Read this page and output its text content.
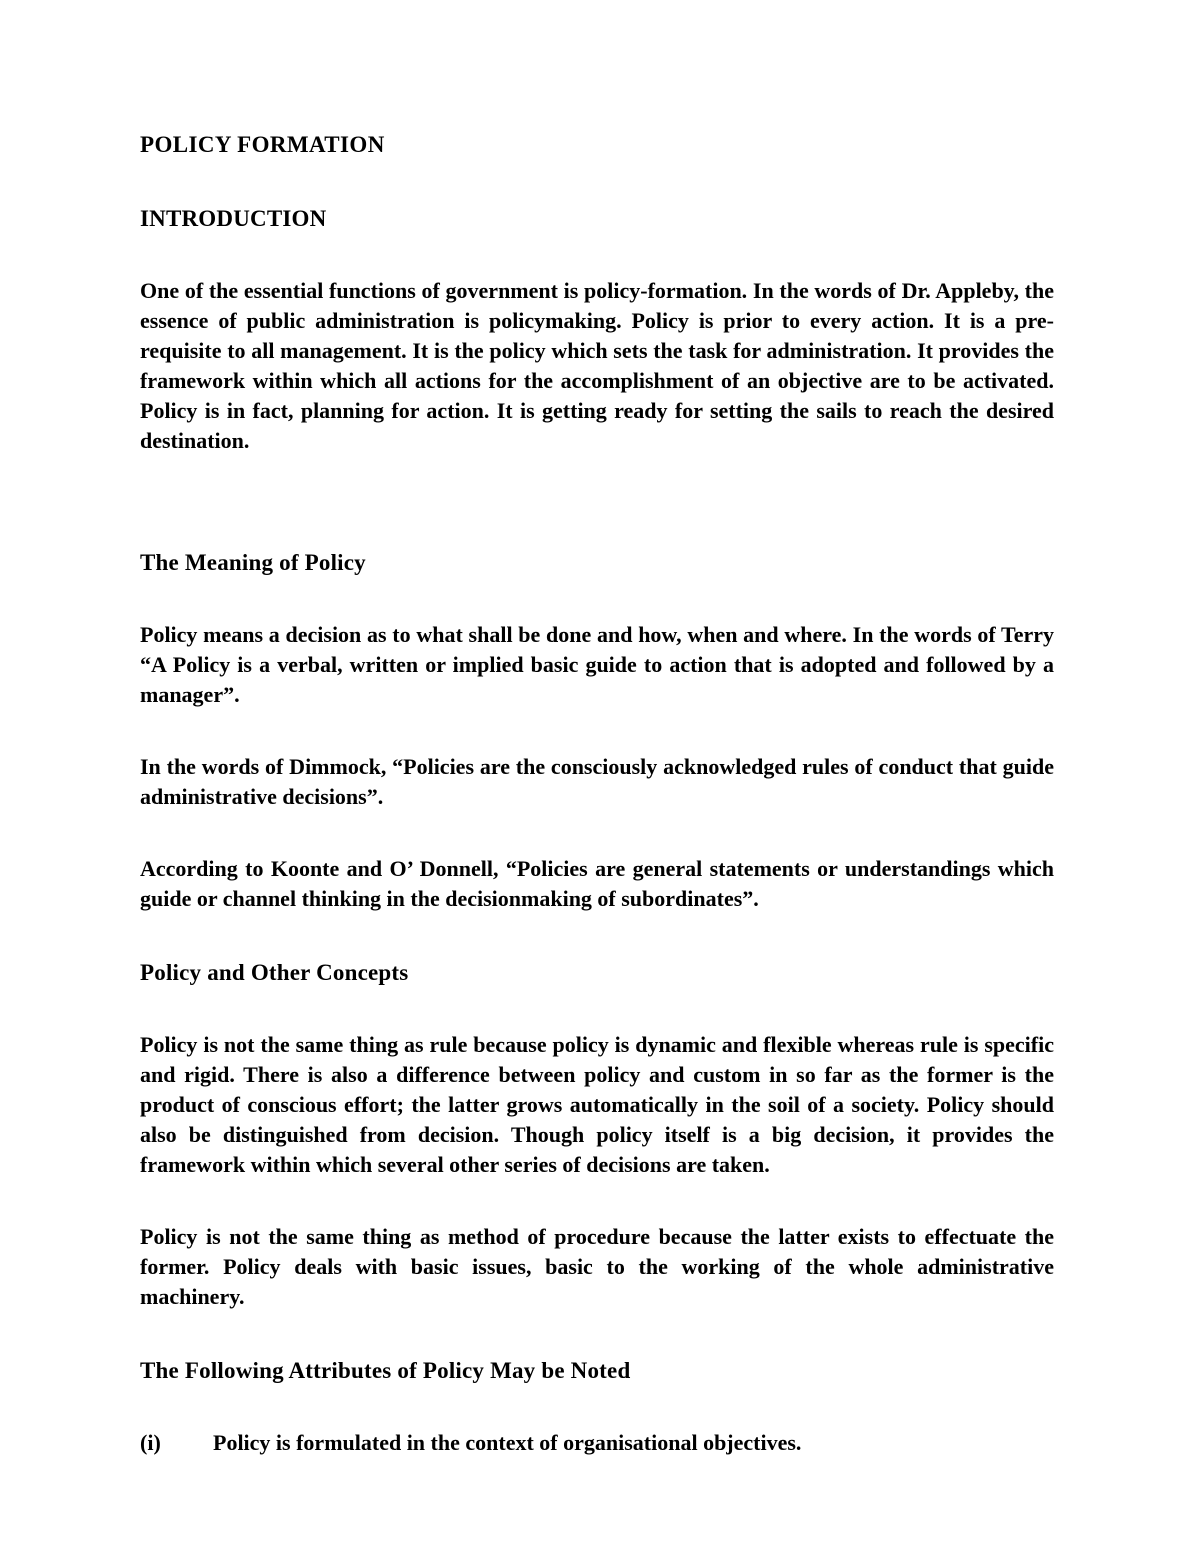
POLICY FORMATION
INTRODUCTION

One of the essential functions of government is policy-formation. In the words of Dr. Appleby, the essence of public administration is policymaking. Policy is prior to every action. It is a pre-requisite to all management. It is the policy which sets the task for administration. It provides the framework within which all actions for the accomplishment of an objective are to be activated. Policy is in fact, planning for action. It is getting ready for setting the sails to reach the desired destination.

The Meaning of Policy

Policy means a decision as to what shall be done and how, when and where. In the words of Terry “A Policy is a verbal, written or implied basic guide to action that is adopted and followed by a manager”.

In the words of Dimmock, “Policies are the consciously acknowledged rules of conduct that guide administrative decisions”.

According to Koonte and O’ Donnell, “Policies are general statements or understandings which guide or channel thinking in the decisionmaking of subordinates”.

Policy and Other Concepts

Policy is not the same thing as rule because policy is dynamic and flexible whereas rule is specific and rigid. There is also a difference between policy and custom in so far as the former is the product of conscious effort; the latter grows automatically in the soil of a society. Policy should also be distinguished from decision. Though policy itself is a big decision, it provides the framework within which several other series of decisions are taken.

Policy is not the same thing as method of procedure because the latter exists to effectuate the former. Policy deals with basic issues, basic to the working of the whole administrative machinery.

The Following Attributes of Policy May be Noted
(i)	Policy is formulated in the context of organisational objectives.
